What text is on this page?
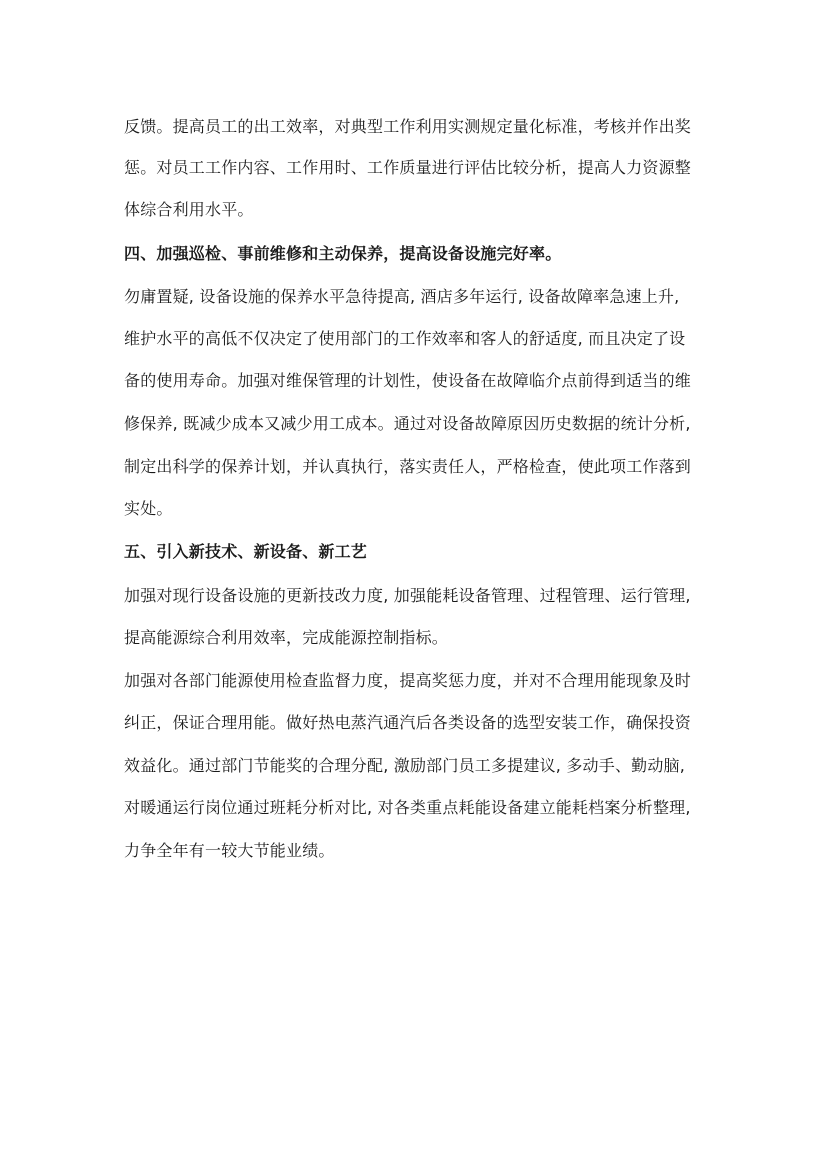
反馈。提高员工的出工效率，对典型工作利用实测规定量化标准，考核并作出奖
惩。对员工工作内容、工作用时、工作质量进行评估比较分析，提高人力资源整
体综合利用水平。
四、加强巡检、事前维修和主动保养，提高设备设施完好率。
勿庸置疑, 设备设施的保养水平急待提高, 酒店多年运行, 设备故障率急速上升,
维护水平的高低不仅决定了使用部门的工作效率和客人的舒适度, 而且决定了设
备的使用寿命。加强对维保管理的计划性，使设备在故障临介点前得到适当的维
修保养, 既减少成本又减少用工成本。通过对设备故障原因历史数据的统计分析,
制定出科学的保养计划，并认真执行，落实责任人，严格检查，使此项工作落到
实处。
五、引入新技术、新设备、新工艺
加强对现行设备设施的更新技改力度, 加强能耗设备管理、过程管理、运行管理,
提高能源综合利用效率，完成能源控制指标。
加强对各部门能源使用检查监督力度，提高奖惩力度，并对不合理用能现象及时
纠正，保证合理用能。做好热电蒸汽通汽后各类设备的选型安装工作，确保投资
效益化。通过部门节能奖的合理分配, 激励部门员工多提建议, 多动手、勤动脑,
对暖通运行岗位通过班耗分析对比, 对各类重点耗能设备建立能耗档案分析整理,
力争全年有一较大节能业绩。
